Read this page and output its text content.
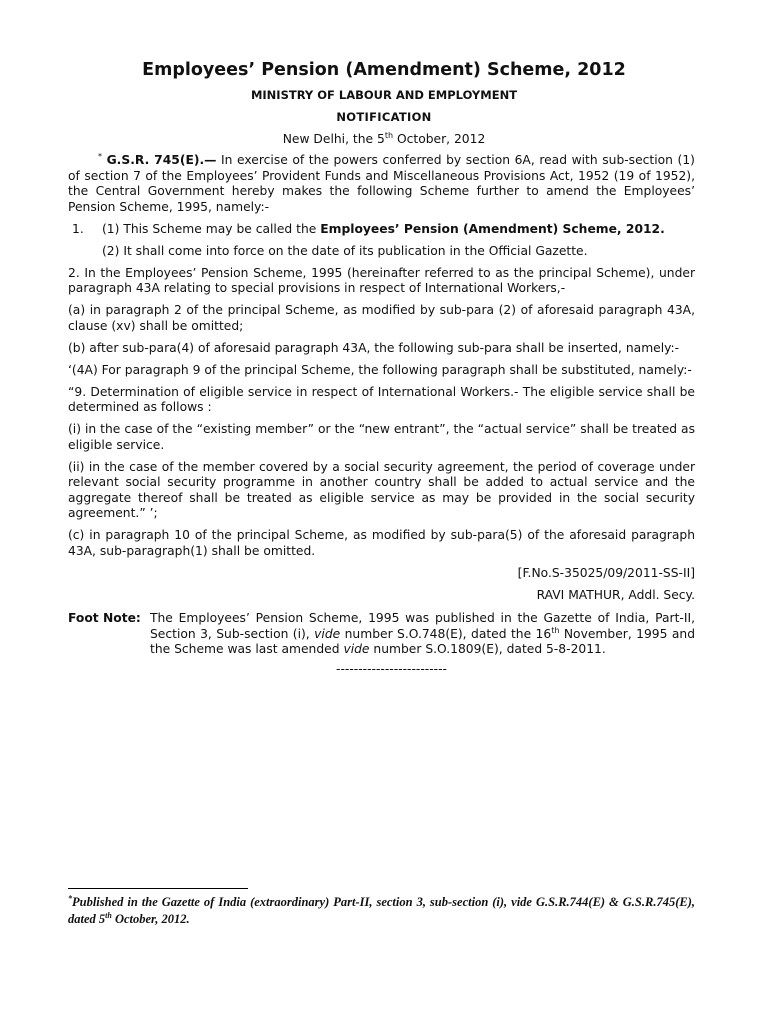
Employees’ Pension (Amendment) Scheme, 2012
MINISTRY OF LABOUR AND EMPLOYMENT
NOTIFICATION
New Delhi, the 5th October, 2012

* G.S.R. 745(E).— In exercise of the powers conferred by section 6A, read with sub-section (1) of section 7 of the Employees’ Provident Funds and Miscellaneous Provisions Act, 1952 (19 of 1952), the Central Government hereby makes the following Scheme further to amend the Employees’ Pension Scheme, 1995, namely:-

1. (1) This Scheme may be called the Employees’ Pension (Amendment) Scheme, 2012.

(2) It shall come into force on the date of its publication in the Official Gazette.

2. In the Employees’ Pension Scheme, 1995 (hereinafter referred to as the principal Scheme), under paragraph 43A relating to special provisions in respect of International Workers,-

(a) in paragraph 2 of the principal Scheme, as modified by sub-para (2) of aforesaid paragraph 43A, clause (xv) shall be omitted;

(b) after sub-para(4) of aforesaid paragraph 43A, the following sub-para shall be inserted, namely:-

‘(4A) For paragraph 9 of the principal Scheme, the following paragraph shall be substituted, namely:-

“9. Determination of eligible service in respect of International Workers.- The eligible service shall be determined as follows :

(i) in the case of the “existing member” or the “new entrant”, the “actual service” shall be treated as eligible service.

(ii) in the case of the member covered by a social security agreement, the period of coverage under relevant social security programme in another country shall be added to actual service and the aggregate thereof shall be treated as eligible service as may be provided in the social security agreement.” ’;

(c) in paragraph 10 of the principal Scheme, as modified by sub-para(5) of the aforesaid paragraph 43A, sub-paragraph(1) shall be omitted.

[F.No.S-35025/09/2011-SS-II]

RAVI MATHUR, Addl. Secy.

Foot Note: The Employees’ Pension Scheme, 1995 was published in the Gazette of India, Part-II, Section 3, Sub-section (i), vide number S.O.748(E), dated the 16th November, 1995 and the Scheme was last amended vide number S.O.1809(E), dated 5-8-2011.
-------------------------
*Published in the Gazette of India (extraordinary) Part-II, section 3, sub-section (i), vide G.S.R.744(E) & G.S.R.745(E), dated 5th October, 2012.
